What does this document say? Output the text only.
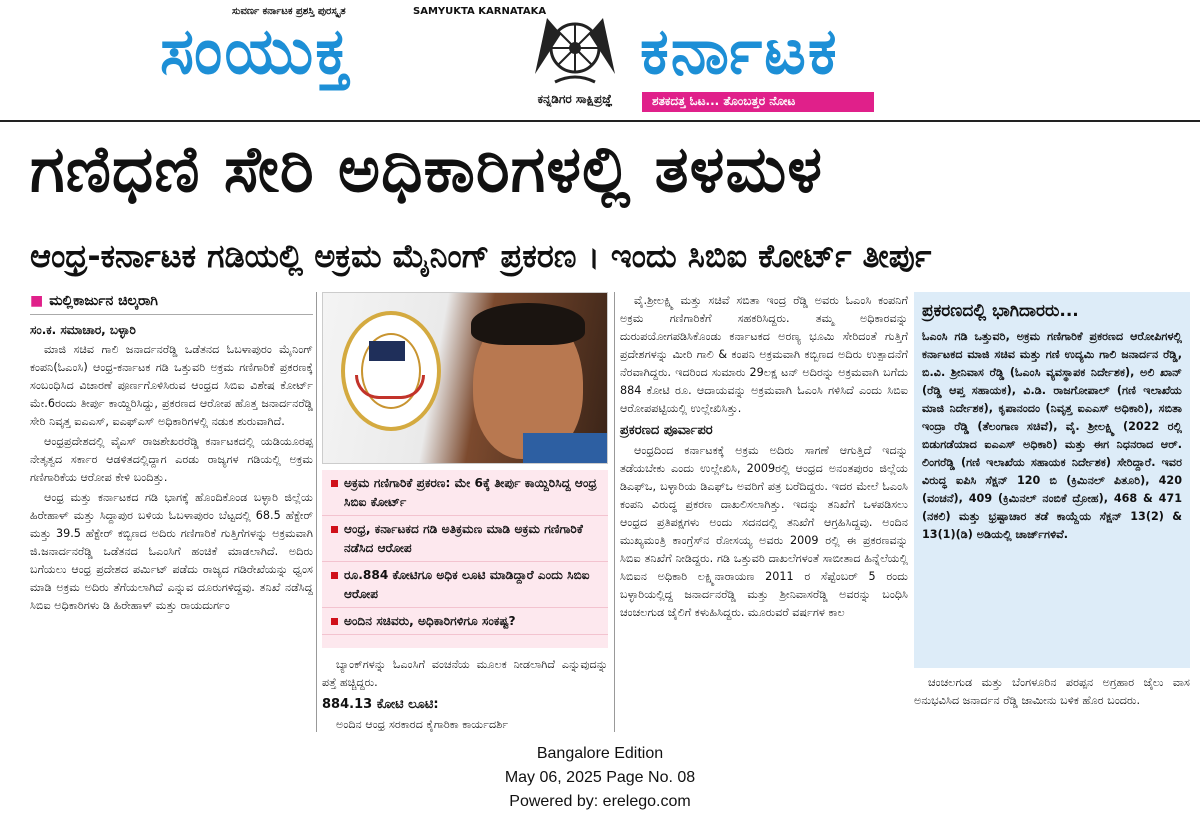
ಸುವರ್ಣ ಕರ್ನಾಟಕ ಪ್ರಶಸ್ತಿ ಪುರಸ್ಕೃತ	SAMYUKTA KARNATAKA
ಸಂಯುಕ್ತ
ಕನ್ನಡಿಗರ ಸಾಕ್ಷಿಪ್ರಜ್ಞೆ
ಕರ್ನಾಟಕ
ಶತಕದತ್ತ ಓಟ... ತೊಂಬತ್ತರ ನೋಟ
ಗಣಿಧಣಿ ಸೇರಿ ಅಧಿಕಾರಿಗಳಲ್ಲಿ ತಳಮಳ
ಆಂಧ್ರ-ಕರ್ನಾಟಕ ಗಡಿಯಲ್ಲಿ ಅಕ್ರಮ ಮೈನಿಂಗ್ ಪ್ರಕರಣ । ಇಂದು ಸಿಬಿಐ ಕೋರ್ಟ್ ತೀರ್ಪು
■ ಮಲ್ಲಿಕಾರ್ಜುನ ಚಿಲ್ಕರಾಗಿ
ಸಂ.ಕ. ಸಮಾಚಾರ, ಬಳ್ಳಾರಿ

ಮಾಜಿ ಸಚಿವ ಗಾಲಿ ಜನಾರ್ದನರೆಡ್ಡಿ ಒಡೆತನದ ಓಬಳಾಪುರಂ ಮೈನಿಂಗ್ ಕಂಪನಿ(ಓಎಂಸಿ) ಆಂಧ್ರ-ಕರ್ನಾಟಕ ಗಡಿ ಒತ್ತುವರಿ ಅಕ್ರಮ ಗಣಿಗಾರಿಕೆ ಪ್ರಕರಣಕ್ಕೆ ಸಂಬಂಧಿಸಿದ ವಿಚಾರಣೆ ಪೂರ್ಣಗೊಳಿಸಿರುವ ಆಂಧ್ರದ ಸಿಬಿಐ ವಿಶೇಷ ಕೋರ್ಟ್ ಮೇ.6ರಂದು ತೀರ್ಪು ಕಾಯ್ದಿರಿಸಿದ್ದು, ಪ್ರಕರಣದ ಆರೋಪ ಹೊತ್ತ ಜನಾರ್ದನರೆಡ್ಡಿ ಸೇರಿ ನಿವೃತ್ತ ಐಎಎಸ್, ಐಎಫ್ಎಸ್ ಅಧಿಕಾರಿಗಳಲ್ಲಿ ನಡುಕ ಶುರುವಾಗಿದೆ.

ಆಂಧ್ರಪ್ರದೇಶದಲ್ಲಿ ವೈಎಸ್ ರಾಜಶೇಖರರೆಡ್ಡಿ ಕರ್ನಾಟಕದಲ್ಲಿ ಯಡಿಯೂರಪ್ಪ ನೇತೃತ್ವದ ಸರ್ಕಾರ ಆಡಳಿತದಲ್ಲಿದ್ದಾಗ ಎರಡು ರಾಜ್ಯಗಳ ಗಡಿಯಲ್ಲಿ ಅಕ್ರಮ ಗಣಿಗಾರಿಕೆಯ ಆರೋಪ ಕೇಳಿ ಬಂದಿತ್ತು.

ಆಂಧ್ರ ಮತ್ತು ಕರ್ನಾಟಕದ ಗಡಿ ಭಾಗಕ್ಕೆ ಹೊಂದಿಕೊಂಡ ಬಳ್ಳಾರಿ ಜಿಲ್ಲೆಯ ಹಿರೇಹಾಳ್ ಮತ್ತು ಸಿದ್ದಾಪುರ ಬಳಿಯ ಓಬಳಾಪುರಂ ಬೆಟ್ಟದಲ್ಲಿ 68.5 ಹೆಕ್ಟೇರ್ ಮತ್ತು 39.5 ಹೆಕ್ಟೇರ್ ಕಬ್ಬಿಣದ ಅದಿರು ಗಣಿಗಾರಿಕೆ ಗುತ್ತಿಗೆಗಳನ್ನು ಅಕ್ರಮವಾಗಿ ಜಿ.ಜನಾರ್ದನರೆಡ್ಡಿ ಒಡೆತನದ ಓಎಂಸಿಗೆ ಹಂಚಿಕೆ ಮಾಡಲಾಗಿದೆ. ಅದಿರು ಬಗೆಯಲು ಆಂಧ್ರ ಪ್ರದೇಶದ ಪರ್ಮಿಟ್ ಪಡೆದು ರಾಜ್ಯದ ಗಡಿರೇಖೆಯನ್ನು ಧ್ವಂಸ ಮಾಡಿ ಅಕ್ರಮ ಅದಿರು ತೆಗೆಯಲಾಗಿದೆ ಎನ್ನುವ ದೂರುಗಳಿದ್ದವು. ತನಿಖೆ ನಡೆಸಿದ್ದ ಸಿಬಿಐ ಅಧಿಕಾರಿಗಳು ಡಿ ಹಿರೇಹಾಳ್ ಮತ್ತು ರಾಯದುರ್ಗಂ

ಅಕ್ರಮ ಗಣಿಗಾರಿಕೆ ಪ್ರಕರಣ: ಮೇ 6ಕ್ಕೆ ತೀರ್ಪು ಕಾಯ್ದಿರಿಸಿದ್ದ ಆಂಧ್ರ ಸಿಬಿಐ ಕೋರ್ಟ್
ಆಂಧ್ರ, ಕರ್ನಾಟಕದ ಗಡಿ ಅತಿಕ್ರಮಣ ಮಾಡಿ ಅಕ್ರಮ ಗಣಿಗಾರಿಕೆ ನಡೆಸಿದ ಆರೋಪ
ರೂ.884 ಕೋಟಿಗೂ ಅಧಿಕ ಲೂಟಿ ಮಾಡಿದ್ದಾರೆ ಎಂದು ಸಿಬಿಐ ಆರೋಪ
ಅಂದಿನ ಸಚಿವರು, ಅಧಿಕಾರಿಗಳಿಗೂ ಸಂಕಷ್ಟ?

ಬ್ಯಾಂಕ್‌ಗಳನ್ನು ಓಎಂಸಿಗೆ ವಂಚನೆಯ ಮೂಲಕ ನೀಡಲಾಗಿದೆ ಎನ್ನುವುದನ್ನು ಪತ್ತೆ ಹಚ್ಚಿದ್ದರು.

884.13 ಕೋಟಿ ಲೂಟಿ:

ಅಂದಿನ ಆಂಧ್ರ ಸರಕಾರದ ಕೈಗಾರಿಕಾ ಕಾರ್ಯದರ್ಶಿ

ವೈ.ಶ್ರೀಲಕ್ಷ್ಮಿ ಮತ್ತು ಸಚಿವೆ ಸಬಿತಾ ಇಂದ್ರ ರೆಡ್ಡಿ ಅವರು ಓಎಂಸಿ ಕಂಪನಿಗೆ ಅಕ್ರಮ ಗಣಿಗಾರಿಕೆಗೆ ಸಹಕರಿಸಿದ್ದರು. ತಮ್ಮ ಅಧಿಕಾರವನ್ನು ದುರುಪಯೋಗಪಡಿಸಿಕೊಂಡು ಕರ್ನಾಟಕದ ಅರಣ್ಯ ಭೂಮಿ ಸೇರಿದಂತೆ ಗುತ್ತಿಗೆ ಪ್ರದೇಶಗಳನ್ನು ಮೀರಿ ಗಾಲಿ & ಕಂಪನಿ ಅಕ್ರಮವಾಗಿ ಕಬ್ಬಿಣದ ಅದಿರು ಉತ್ಪಾದನೆಗೆ ನೆರವಾಗಿದ್ದರು. ಇದರಿಂದ ಸುಮಾರು 29ಲಕ್ಷ ಟನ್ ಅದಿರನ್ನು ಅಕ್ರಮವಾಗಿ ಬಗೆದು 884 ಕೋಟಿ ರೂ. ಆದಾಯವನ್ನು ಅಕ್ರಮವಾಗಿ ಓಎಂಸಿ ಗಳಿಸಿದೆ ಎಂದು ಸಿಬಿಐ ಆರೋಪಪಟ್ಟಿಯಲ್ಲಿ ಉಲ್ಲೇಖಿಸಿತ್ತು.

ಪ್ರಕರಣದ ಪೂರ್ವಾಪರ

ಆಂಧ್ರದಿಂದ ಕರ್ನಾಟಕಕ್ಕೆ ಅಕ್ರಮ ಅದಿರು ಸಾಗಣೆ ಆಗುತ್ತಿದೆ ಇದನ್ನು ತಡೆಯಬೇಕು ಎಂದು ಉಲ್ಲೇಖಿಸಿ, 2009ರಲ್ಲಿ ಆಂಧ್ರದ ಅನಂತಪುರಂ ಜಿಲ್ಲೆಯ ಡಿಎಫ್‌ಒ, ಬಳ್ಳಾರಿಯ ಡಿಎಫ್‌ಒ ಅವರಿಗೆ ಪತ್ರ ಬರೆದಿದ್ದರು. ಇದರ ಮೇಲೆ ಓಎಂಸಿ ಕಂಪನಿ ವಿರುದ್ಧ ಪ್ರಕರಣ ದಾಖಲಿಸಲಾಗಿತ್ತು. ಇದನ್ನು ತನಿಖೆಗೆ ಒಳಪಡಿಸಲು ಆಂಧ್ರದ ಪ್ರತಿಪಕ್ಷಗಳು ಅಂದು ಸದನದಲ್ಲಿ ತನಿಖೆಗೆ ಆಗ್ರಹಿಸಿದ್ದವು. ಅಂದಿನ ಮುಖ್ಯಮಂತ್ರಿ ಕಾಂಗ್ರೆಸ್‌ನ ರೋಸಯ್ಯ ಅವರು 2009 ರಲ್ಲಿ ಈ ಪ್ರಕರಣವನ್ನು ಸಿಬಿಐ ತನಿಖೆಗೆ ನೀಡಿದ್ದರು. ಗಡಿ ಒತ್ತುವರಿ ದಾಖಲೆಗಳಂತೆ ಸಾಬೀತಾದ ಹಿನ್ನೆಲೆಯಲ್ಲಿ ಸಿಬಿಐನ ಅಧಿಕಾರಿ ಲಕ್ಷ್ಮಿನಾರಾಯಣ 2011 ರ ಸೆಪ್ಟೆಂಬರ್ 5 ರಂದು ಬಳ್ಳಾರಿಯಲ್ಲಿದ್ದ ಜನಾರ್ದನರೆಡ್ಡಿ ಮತ್ತು ಶ್ರೀನಿವಾಸರೆಡ್ಡಿ ಅವರನ್ನು ಬಂಧಿಸಿ ಚಂಚಲಗುಡ ಜೈಲಿಗೆ ಕಳುಹಿಸಿದ್ದರು. ಮೂರುವರೆ ವರ್ಷಗಳ ಕಾಲ

ಪ್ರಕರಣದಲ್ಲಿ ಭಾಗಿದಾರರು...
ಓಎಂಸಿ ಗಡಿ ಒತ್ತುವರಿ, ಅಕ್ರಮ ಗಣಿಗಾರಿಕೆ ಪ್ರಕರಣದ ಆರೋಪಿಗಳಲ್ಲಿ ಕರ್ನಾಟಕದ ಮಾಜಿ ಸಚಿವ ಮತ್ತು ಗಣಿ ಉದ್ಯಮಿ ಗಾಲಿ ಜನಾರ್ದನ ರೆಡ್ಡಿ, ಬಿ.ವಿ. ಶ್ರೀನಿವಾಸ ರೆಡ್ಡಿ (ಓಎಂಸಿ ವ್ಯವಸ್ಥಾಪಕ ನಿರ್ದೇಶಕ), ಅಲಿ ಖಾನ್ (ರೆಡ್ಡಿ ಆಪ್ತ ಸಹಾಯಕ), ವಿ.ಡಿ. ರಾಜಗೋಪಾಲ್ (ಗಣಿ ಇಲಾಖೆಯ ಮಾಜಿ ನಿರ್ದೇಶಕ), ಕೃಪಾನಂದಂ (ನಿವೃತ್ತ ಐಎಎಸ್ ಅಧಿಕಾರಿ), ಸಬಿತಾ ಇಂದ್ರಾ ರೆಡ್ಡಿ (ತೆಲಂಗಾಣ ಸಚಿವೆ), ವೈ. ಶ್ರೀಲಕ್ಷ್ಮಿ (2022 ರಲ್ಲಿ ಬಿಡುಗಡೆಯಾದ ಐಎಎಸ್ ಅಧಿಕಾರಿ) ಮತ್ತು ಈಗ ನಿಧನರಾದ ಆರ್. ಲಿಂಗರೆಡ್ಡಿ (ಗಣಿ ಇಲಾಖೆಯ ಸಹಾಯಕ ನಿರ್ದೇಶಕ) ಸೇರಿದ್ದಾರೆ. ಇವರ ವಿರುದ್ಧ ಐಪಿಸಿ ಸೆಕ್ಷನ್ 120 ಬಿ (ಕ್ರಿಮಿನಲ್ ಪಿತೂರಿ), 420 (ವಂಚನೆ), 409 (ಕ್ರಿಮಿನಲ್ ನಂಬಿಕೆ ದ್ರೋಹ), 468 & 471 (ನಕಲಿ) ಮತ್ತು ಭ್ರಷ್ಟಾಚಾರ ತಡೆ ಕಾಯ್ದೆಯ ಸೆಕ್ಷನ್ 13(2) & 13(1)(ಡಿ) ಅಡಿಯಲ್ಲಿ ಚಾರ್ಜ್‌ಗಳಿವೆ.

ಚಂಚಲಗುಡ ಮತ್ತು ಬೆಂಗಳೂರಿನ ಪರಪ್ಪನ ಅಗ್ರಹಾರ ಜೈಲು ವಾಸ ಅನುಭವಿಸಿದ ಜನಾರ್ದನ ರೆಡ್ಡಿ ಜಾಮೀನು ಬಳಿಕ ಹೊರ ಬಂದರು.

Bangalore Edition
May 06, 2025 Page No. 08
Powered by: erelego.com
